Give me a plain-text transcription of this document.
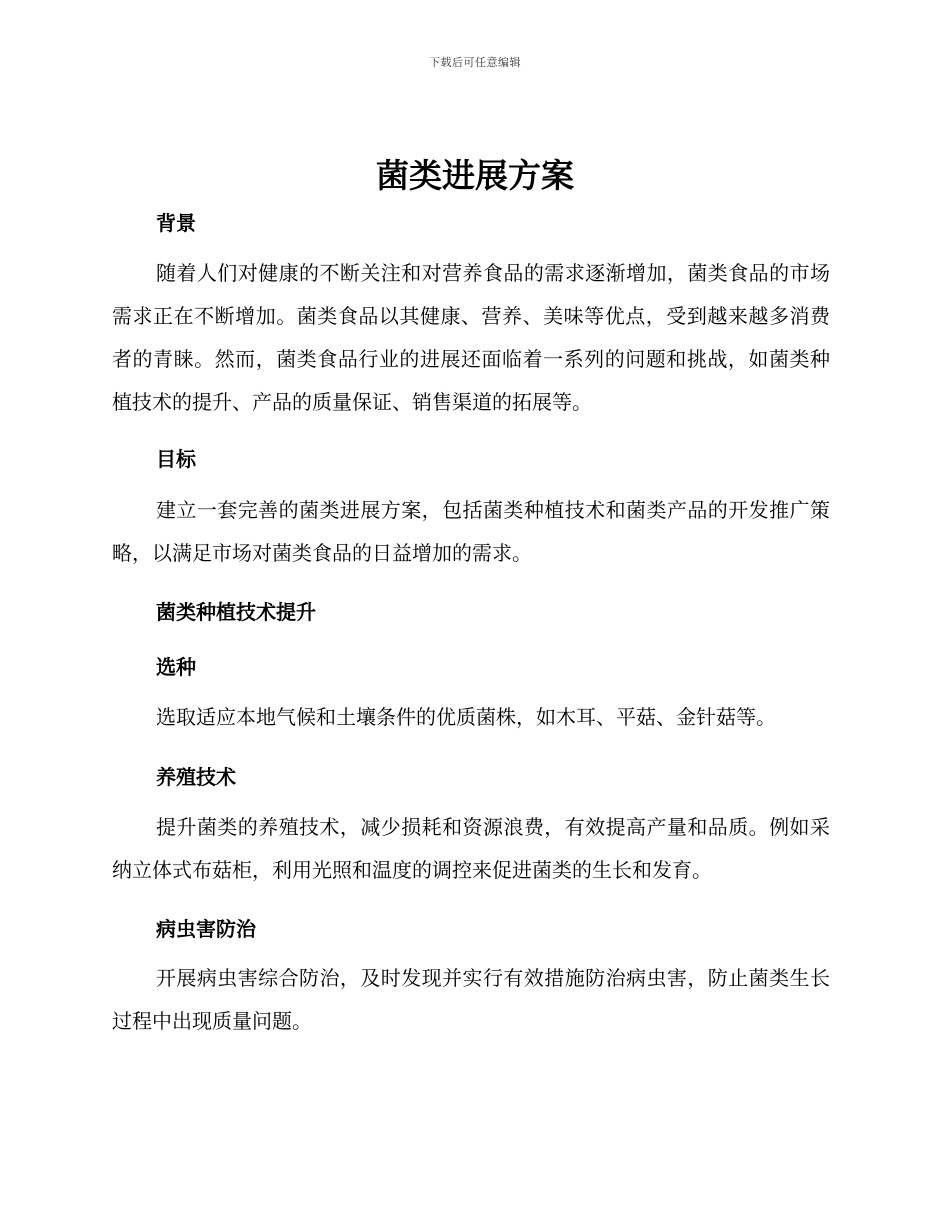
下载后可任意编辑
菌类进展方案
背景

随着人们对健康的不断关注和对营养食品的需求逐渐增加，菌类食品的市场需求正在不断增加。菌类食品以其健康、营养、美味等优点，受到越来越多消费者的青睐。然而，菌类食品行业的进展还面临着一系列的问题和挑战，如菌类种植技术的提升、产品的质量保证、销售渠道的拓展等。

目标

建立一套完善的菌类进展方案，包括菌类种植技术和菌类产品的开发推广策略，以满足市场对菌类食品的日益增加的需求。

菌类种植技术提升
选种

选取适应本地气候和土壤条件的优质菌株，如木耳、平菇、金针菇等。

养殖技术

提升菌类的养殖技术，减少损耗和资源浪费，有效提高产量和品质。例如采纳立体式布菇柜，利用光照和温度的调控来促进菌类的生长和发育。

病虫害防治

开展病虫害综合防治，及时发现并实行有效措施防治病虫害，防止菌类生长过程中出现质量问题。
